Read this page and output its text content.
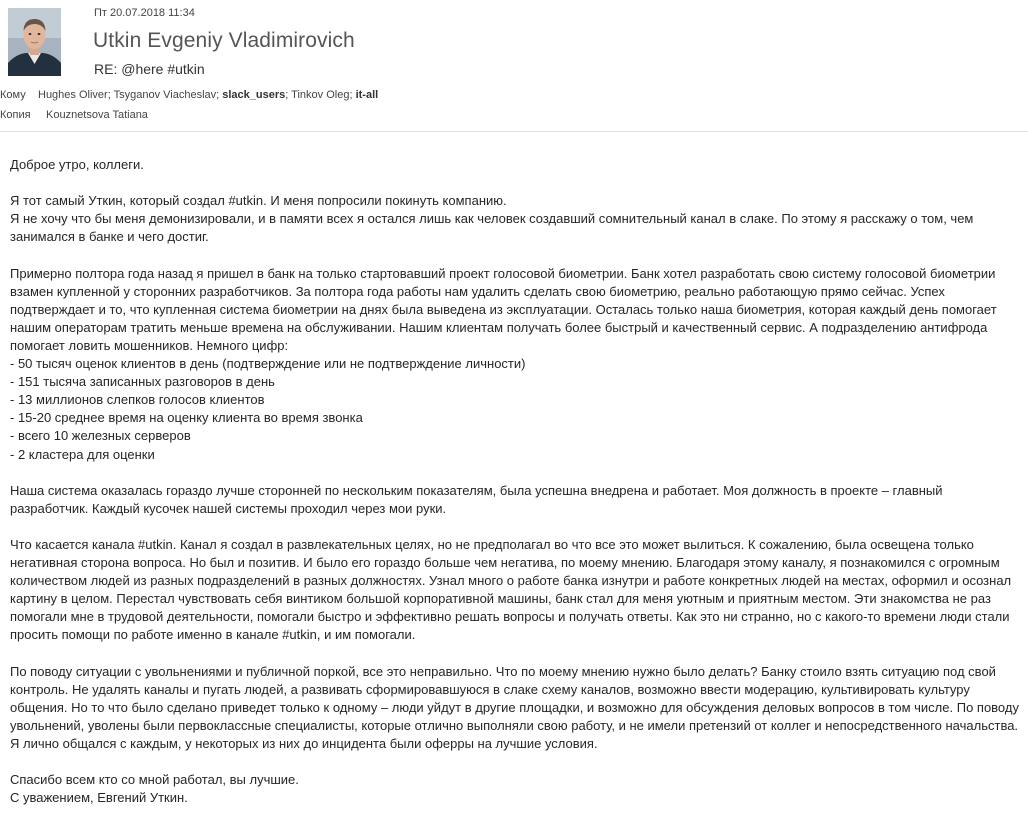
Пт 20.07.2018 11:34
Utkin Evgeniy Vladimirovich
RE: @here #utkin
Кому Hughes Oliver; Tsyganov Viacheslav; slack_users; Tinkov Oleg; it-all
Копия Kouznetsova Tatiana

Доброе утро, коллеги.

Я тот самый Уткин, который создал #utkin. И меня попросили покинуть компанию.
Я не хочу что бы меня демонизировали, и в памяти всех я остался лишь как человек создавший сомнительный канал в слаке. По этому я расскажу о том, чем занимался в банке и чего достиг.

Примерно полтора года назад я пришел в банк на только стартовавший проект голосовой биометрии. Банк хотел разработать свою систему голосовой биометрии взамен купленной у сторонних разработчиков. За полтора года работы нам удалить сделать свою биометрию, реально работающую прямо сейчас. Успех подтверждает и то, что купленная система биометрии на днях была выведена из эксплуатации. Осталась только наша биометрия, которая каждый день помогает нашим операторам тратить меньше времена на обслуживании. Нашим клиентам получать более быстрый и качественный сервис. А подразделению антифрода помогает ловить мошенников. Немного цифр:
- 50 тысяч оценок клиентов в день (подтверждение или не подтверждение личности)
- 151 тысяча записанных разговоров в день
- 13 миллионов слепков голосов клиентов
- 15-20 среднее время на оценку клиента во время звонка
- всего 10 железных серверов
- 2 кластера для оценки

Наша система оказалась гораздо лучше сторонней по нескольким показателям, была успешна внедрена и работает. Моя должность в проекте – главный разработчик. Каждый кусочек нашей системы проходил через мои руки.

Что касается канала #utkin. Канал я создал в развлекательных целях, но не предполагал во что все это может вылиться. К сожалению, была освещена только негативная сторона вопроса. Но был и позитив. И было его гораздо больше чем негатива, по моему мнению. Благодаря этому каналу, я познакомился с огромным количеством людей из разных подразделений в разных должностях. Узнал много о работе банка изнутри и работе конкретных людей на местах, оформил и осознал картину в целом. Перестал чувствовать себя винтиком большой корпоративной машины, банк стал для меня уютным и приятным местом. Эти знакомства не раз помогали мне в трудовой деятельности, помогали быстро и эффективно решать вопросы и получать ответы. Как это ни странно, но с какого-то времени люди стали просить помощи по работе именно в канале #utkin, и им помогали.

По поводу ситуации с увольнениями и публичной поркой, все это неправильно. Что по моему мнению нужно было делать? Банку стоило взять ситуацию под свой контроль. Не удалять каналы и пугать людей, а развивать сформировавшуюся в слаке схему каналов, возможно ввести модерацию, культивировать культуру общения. Но то что было сделано приведет только к одному – люди уйдут в другие площадки, и возможно для обсуждения деловых вопросов в том числе. По поводу увольнений, уволены были первоклассные специалисты, которые отлично выполняли свою работу, и не имели претензий от коллег и непосредственного начальства. Я лично общался с каждым, у некоторых из них до инцидента были оферры на лучшие условия.

Спасибо всем кто со мной работал, вы лучшие.
С уважением, Евгений Уткин.
